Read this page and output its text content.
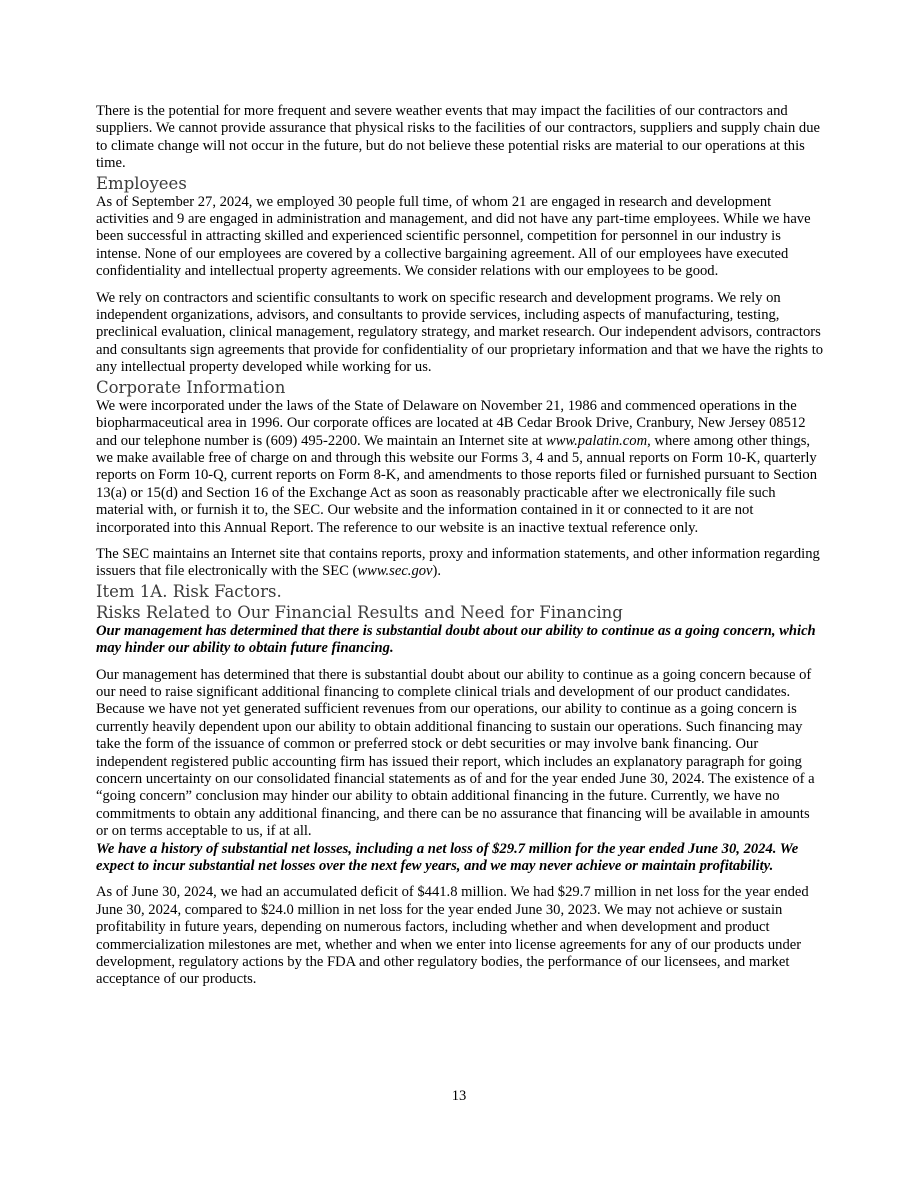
There is the potential for more frequent and severe weather events that may impact the facilities of our contractors and suppliers. We cannot provide assurance that physical risks to the facilities of our contractors, suppliers and supply chain due to climate change will not occur in the future, but do not believe these potential risks are material to our operations at this time.

Employees

As of September 27, 2024, we employed 30 people full time, of whom 21 are engaged in research and development activities and 9 are engaged in administration and management, and did not have any part-time employees. While we have been successful in attracting skilled and experienced scientific personnel, competition for personnel in our industry is intense. None of our employees are covered by a collective bargaining agreement. All of our employees have executed confidentiality and intellectual property agreements. We consider relations with our employees to be good.

We rely on contractors and scientific consultants to work on specific research and development programs. We rely on independent organizations, advisors, and consultants to provide services, including aspects of manufacturing, testing, preclinical evaluation, clinical management, regulatory strategy, and market research. Our independent advisors, contractors and consultants sign agreements that provide for confidentiality of our proprietary information and that we have the rights to any intellectual property developed while working for us.

Corporate Information

We were incorporated under the laws of the State of Delaware on November 21, 1986 and commenced operations in the biopharmaceutical area in 1996. Our corporate offices are located at 4B Cedar Brook Drive, Cranbury, New Jersey 08512 and our telephone number is (609) 495-2200. We maintain an Internet site at www.palatin.com, where among other things, we make available free of charge on and through this website our Forms 3, 4 and 5, annual reports on Form 10-K, quarterly reports on Form 10-Q, current reports on Form 8-K, and amendments to those reports filed or furnished pursuant to Section 13(a) or 15(d) and Section 16 of the Exchange Act as soon as reasonably practicable after we electronically file such material with, or furnish it to, the SEC. Our website and the information contained in it or connected to it are not incorporated into this Annual Report. The reference to our website is an inactive textual reference only.

The SEC maintains an Internet site that contains reports, proxy and information statements, and other information regarding issuers that file electronically with the SEC (www.sec.gov).

Item 1A. Risk Factors.
Risks Related to Our Financial Results and Need for Financing

Our management has determined that there is substantial doubt about our ability to continue as a going concern, which may hinder our ability to obtain future financing.

Our management has determined that there is substantial doubt about our ability to continue as a going concern because of our need to raise significant additional financing to complete clinical trials and development of our product candidates. Because we have not yet generated sufficient revenues from our operations, our ability to continue as a going concern is currently heavily dependent upon our ability to obtain additional financing to sustain our operations. Such financing may take the form of the issuance of common or preferred stock or debt securities or may involve bank financing. Our independent registered public accounting firm has issued their report, which includes an explanatory paragraph for going concern uncertainty on our consolidated financial statements as of and for the year ended June 30, 2024. The existence of a “going concern” conclusion may hinder our ability to obtain additional financing in the future. Currently, we have no commitments to obtain any additional financing, and there can be no assurance that financing will be available in amounts or on terms acceptable to us, if at all.

We have a history of substantial net losses, including a net loss of $29.7 million for the year ended June 30, 2024. We expect to incur substantial net losses over the next few years, and we may never achieve or maintain profitability.

As of June 30, 2024, we had an accumulated deficit of $441.8 million. We had $29.7 million in net loss for the year ended June 30, 2024, compared to $24.0 million in net loss for the year ended June 30, 2023. We may not achieve or sustain profitability in future years, depending on numerous factors, including whether and when development and product commercialization milestones are met, whether and when we enter into license agreements for any of our products under development, regulatory actions by the FDA and other regulatory bodies, the performance of our licensees, and market acceptance of our products.

13
